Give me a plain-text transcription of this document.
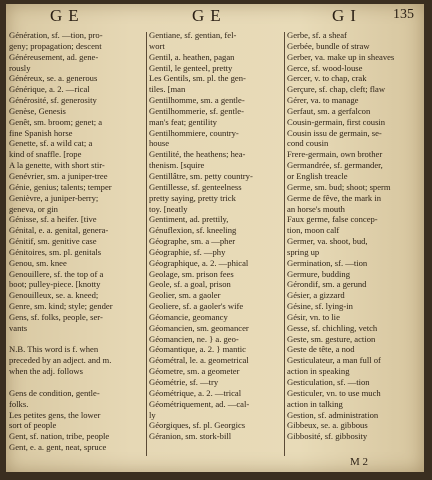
GE	GE	GI 135
Génération, sf. —tion, pro-
geny; propagation; descent
Généreusement, ad. gene-
rously
Généreux, se. a. generous
Générique, a. 2. —rical
Générosité, sf. generosity
Genèse, Genesis
Genêt, sm. broom; genet; a
fine Spanish horse
Genette, sf. a wild cat; a
kind of snaffle. [rope
A la genette, with short stir-
Genévrier, sm. a juniper-tree
Génie, genius; talents; temper
Genièvre, a juniper-berry;
geneva, or gin
Génisse, sf. a heifer. [tive
Génital, e. a. genital, genera-
Génitif, sm. genitive case
Génitoires, sm. pl. genitals
Genou, sm. knee
Genouillere, sf. the top of a
boot; pulley-piece. [knotty
Genouilleux, se. a. kneed;
Genre, sm. kind; style; gender
Gens, sf. folks, people, ser-
vants
N.B. This word is f. when
preceded by an adject. and m.
when the adj. follows
Gens de condition, gentle-
folks.
Les petites gens, the lower
sort of people
Gent, sf. nation, tribe, people
Gent, e. a. gent, neat, spruce
Gentiane, sf. gentian, fel-
wort
Gentil, a. heathen, pagan
Gentil, le genteel, pretty
Les Gentils, sm. pl. the gen-
tiles. [man
Gentilhomme, sm. a gentle-
Gentilhommerie, sf. gentle-
man's feat; gentility
Gentilhommiere, country-
house
Gentilité, the heathens; hea-
thenism. [squire
Gentillâtre, sm. petty country-
Gentillesse, sf. genteelness
pretty saying, pretty trick
toy. [neatly
Gentiment, ad. prettily,
Génuflexion, sf. kneeling
Géographe, sm. a —pher
Géographie, sf. —phy
Géographique, a. 2. —phical
Geolage, sm. prison fees
Geole, sf. a goal, prison
Geolier, sm. a gaoler
Geoliere, sf. a gaoler's wife
Géomancie, geomancy
Géomancien, sm. geomancer
Géomancien, ne. } a. geo-
Géomantique, a. 2. } mantic
Géométral, le. a. geometrical
Géometre, sm. a geometer
Géométrie, sf. —try
Géométrique, a. 2. —trical
Géométriquement, ad. —cal-
ly
Géorgiques, sf. pl. Georgics
Géranion, sm. stork-bill
Gerbe, sf. a sheaf
Gerbée, bundle of straw
Gerber, va. make up in sheaves
Gerce, sf. wood-louse
Gercer, v. to chap, crak
Gerçure, sf. chap, cleft; flaw
Gérer, va. to manage
Gerfaut, sm. a gerfalcon
Cousin-germain, first cousin
Cousin issu de germain, se-
cond cousin
Frere-germain, own brother
Germandrée, sf. germander,
or English treacle
Germe, sm. bud; shoot; sperm
Germe de fêve, the mark in
an horse's mouth
Faux germe, false concep-
tion, moon calf
Germer, va. shoot, bud,
spring up
Germination, sf. —tion
Germure, budding
Gérondif, sm. a gerund
Gésier, a gizzard
Gésine, sf. lying-in
Gésir, vn. to lie
Gesse, sf. chichling, vetch
Geste, sm. gesture, action
Geste de tête, a nod
Gesticulateur, a man full of
action in speaking
Gesticulation, sf. —tion
Gesticuler, vn. to use much
action in talking
Gestion, sf. administration
Gibbeux, se. a. gibbous
Gibbosité, sf. gibbosity
M 2
